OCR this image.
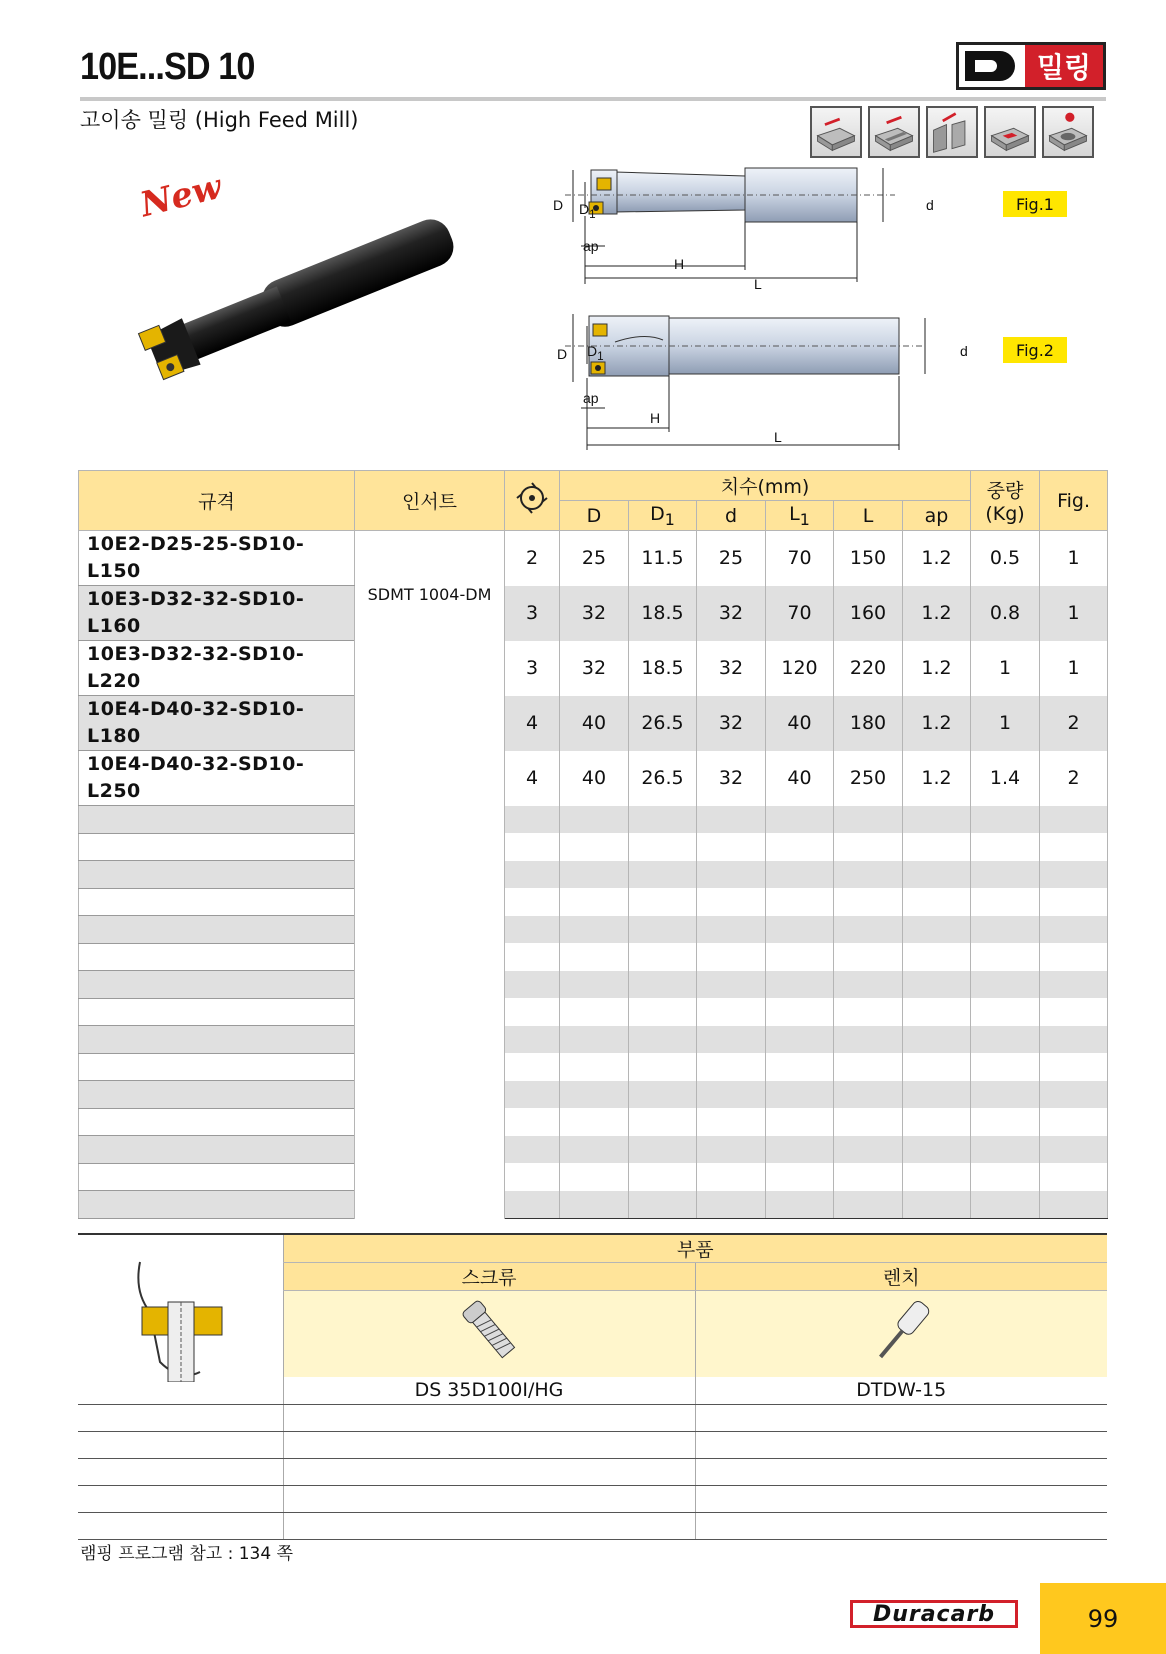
10E...SD 10
고이송 밀링 (High Feed Mill)
밀링
New	D $D_1$
d
ap
H
L
Fig.1
D $D_1$	d
ap
H
L
Fig.2
규격	인서트		치수(mm)						중량
(Kg)	Fig.
			D	$D_1$	d	$L_1$	L	ap		
10E2-D25-25-SD10-L150	SDMT 1004-DM	2	25	11.5	25	70	150	1.2	0.5	1
10E3-D32-32-SD10-L160		3	32	18.5	32	70	160	1.2	0.8	1
10E3-D32-32-SD10-L220		3	32	18.5	32	120	220	1.2	1	1
10E4-D40-32-SD10-L180		4	40	26.5	32	40	180	1.2	1	2
10E4-D40-32-SD10-L250		4	40	26.5	32	40	250	1.2	1.4	2

	부품	
	스크류	렌치

	DS 35D100I/HG	DTDW-15

램핑 프로그램 참고 : 134 쪽
Duracarb	99
